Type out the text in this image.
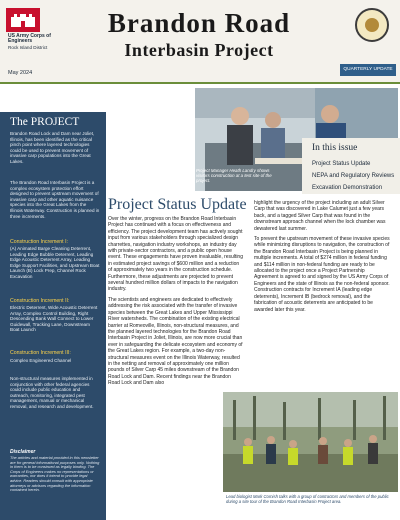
US Army Corps of Engineers
Rock Island District
May 2024
Brandon Road
Interbasin Project
QUARTERLY UPDATE
Project Manager Heath Landry shows visitors construction at a test site of the project.
In this issue
Project Status Update
NEPA and Regulatory Reviews
Excavation Demonstration
The PROJECT
Brandon Road Lock and Dam near Joliet, Illinois, has been identified as the critical pinch point where layered technologies could be used to prevent movement of invasive carp populations into the Great Lakes.
The Brandon Road Interbasin Project is a complex ecosystem protection effort designed to prevent upstream movement of invasive carp and other aquatic nuisance species into the Great Lakes from the Illinois Waterway. Construction is planned in three increments.
Construction Increment I:
(A) Animated Barge Cleaning Deterrent, Leading Edge Bubble Deterrent, Leading Edge Acoustic Deterrent Array, Leading Edge Support Facilities, and Upstream Boat Launch (B) Lock Prep, Channel Rock Excavation
Construction Increment II:
Electric Deterrent, Wide Acoustic Deterrent Array, Complex Control Building, Right Descending Bank Wall Connect to Lower Guidewall, Tracking Lane, Downstream Boat Launch
Construction Increment III:
Complex Engineered Channel
Non-structural measures implemented in conjunction with other federal agencies could include public education and outreach, monitoring, integrated pest management, manual or mechanical removal, and research and development.
Disclaimer
The articles and material provided in this newsletter are for general informational purposes only. Nothing in them is to be construed as legally binding. The Corps of Engineers makes no representations or warranties, nor does it intend to provide legal advice. Readers should consult with appropriate attorneys or advisors regarding the information contained herein.
Project Status Update

Over the winter, progress on the Brandon Road Interbasin Project has continued with a focus on effectiveness and efficiency. The project development team has actively sought input from various stakeholders through specialized design charrettes, navigation industry workshops, an industry day with private-sector contractors, and a public open house event. These engagements have proven invaluable, resulting in estimated project savings of $600 million and a reduction of approximately two years in the construction schedule. Furthermore, these adjustments are projected to prevent several hundred million dollars of impacts to the navigation industry.

The scientists and engineers are dedicated to effectively addressing the risk associated with the transfer of invasive species between the Great Lakes and Upper Mississippi River watersheds. The combination of the existing electrical barrier at Romeoville, Illinois, non-structural measures, and the planned layered technologies for the Brandon Road Interbasin Project in Joliet, Illinois, are now more crucial than ever in safeguarding the delicate ecosystem and economy of the Great Lakes region. For example, a two-day non-structural measures event on the Illinois Waterway, resulted in the netting and removal of approximately one million pounds of Silver Carp 45 miles downstream of the Brandon Road Lock and Dam. Recent findings near the Brandon Road Lock and Dam also

highlight the urgency of the project including an adult Silver Carp that was discovered in Lake Calumet just a few years back, and a tagged Silver Carp that was found in the downstream approach channel when the lock chamber was dewatered last summer.

To prevent the upstream movement of these invasive species while minimizing disruptions to navigation, the construction of the Brandon Road Interbasin Project is being planned in multiple increments. A total of $274 million in federal funding and $114 million in non-federal funding are ready to be allocated to the project once a Project Partnership Agreement is agreed to and signed by the US Army Corps of Engineers and the state of Illinois as the non-federal sponsor. Construction contracts for Increment IA (leading edge deterrents), Increment IB (bedrock removal), and the fabrication of acoustic deterrents are anticipated to be awarded later this year.

Lead biologist Mark Cornish talks with a group of contractors and members of the public during a site tour of the Brandon Road Interbasin Project area.
